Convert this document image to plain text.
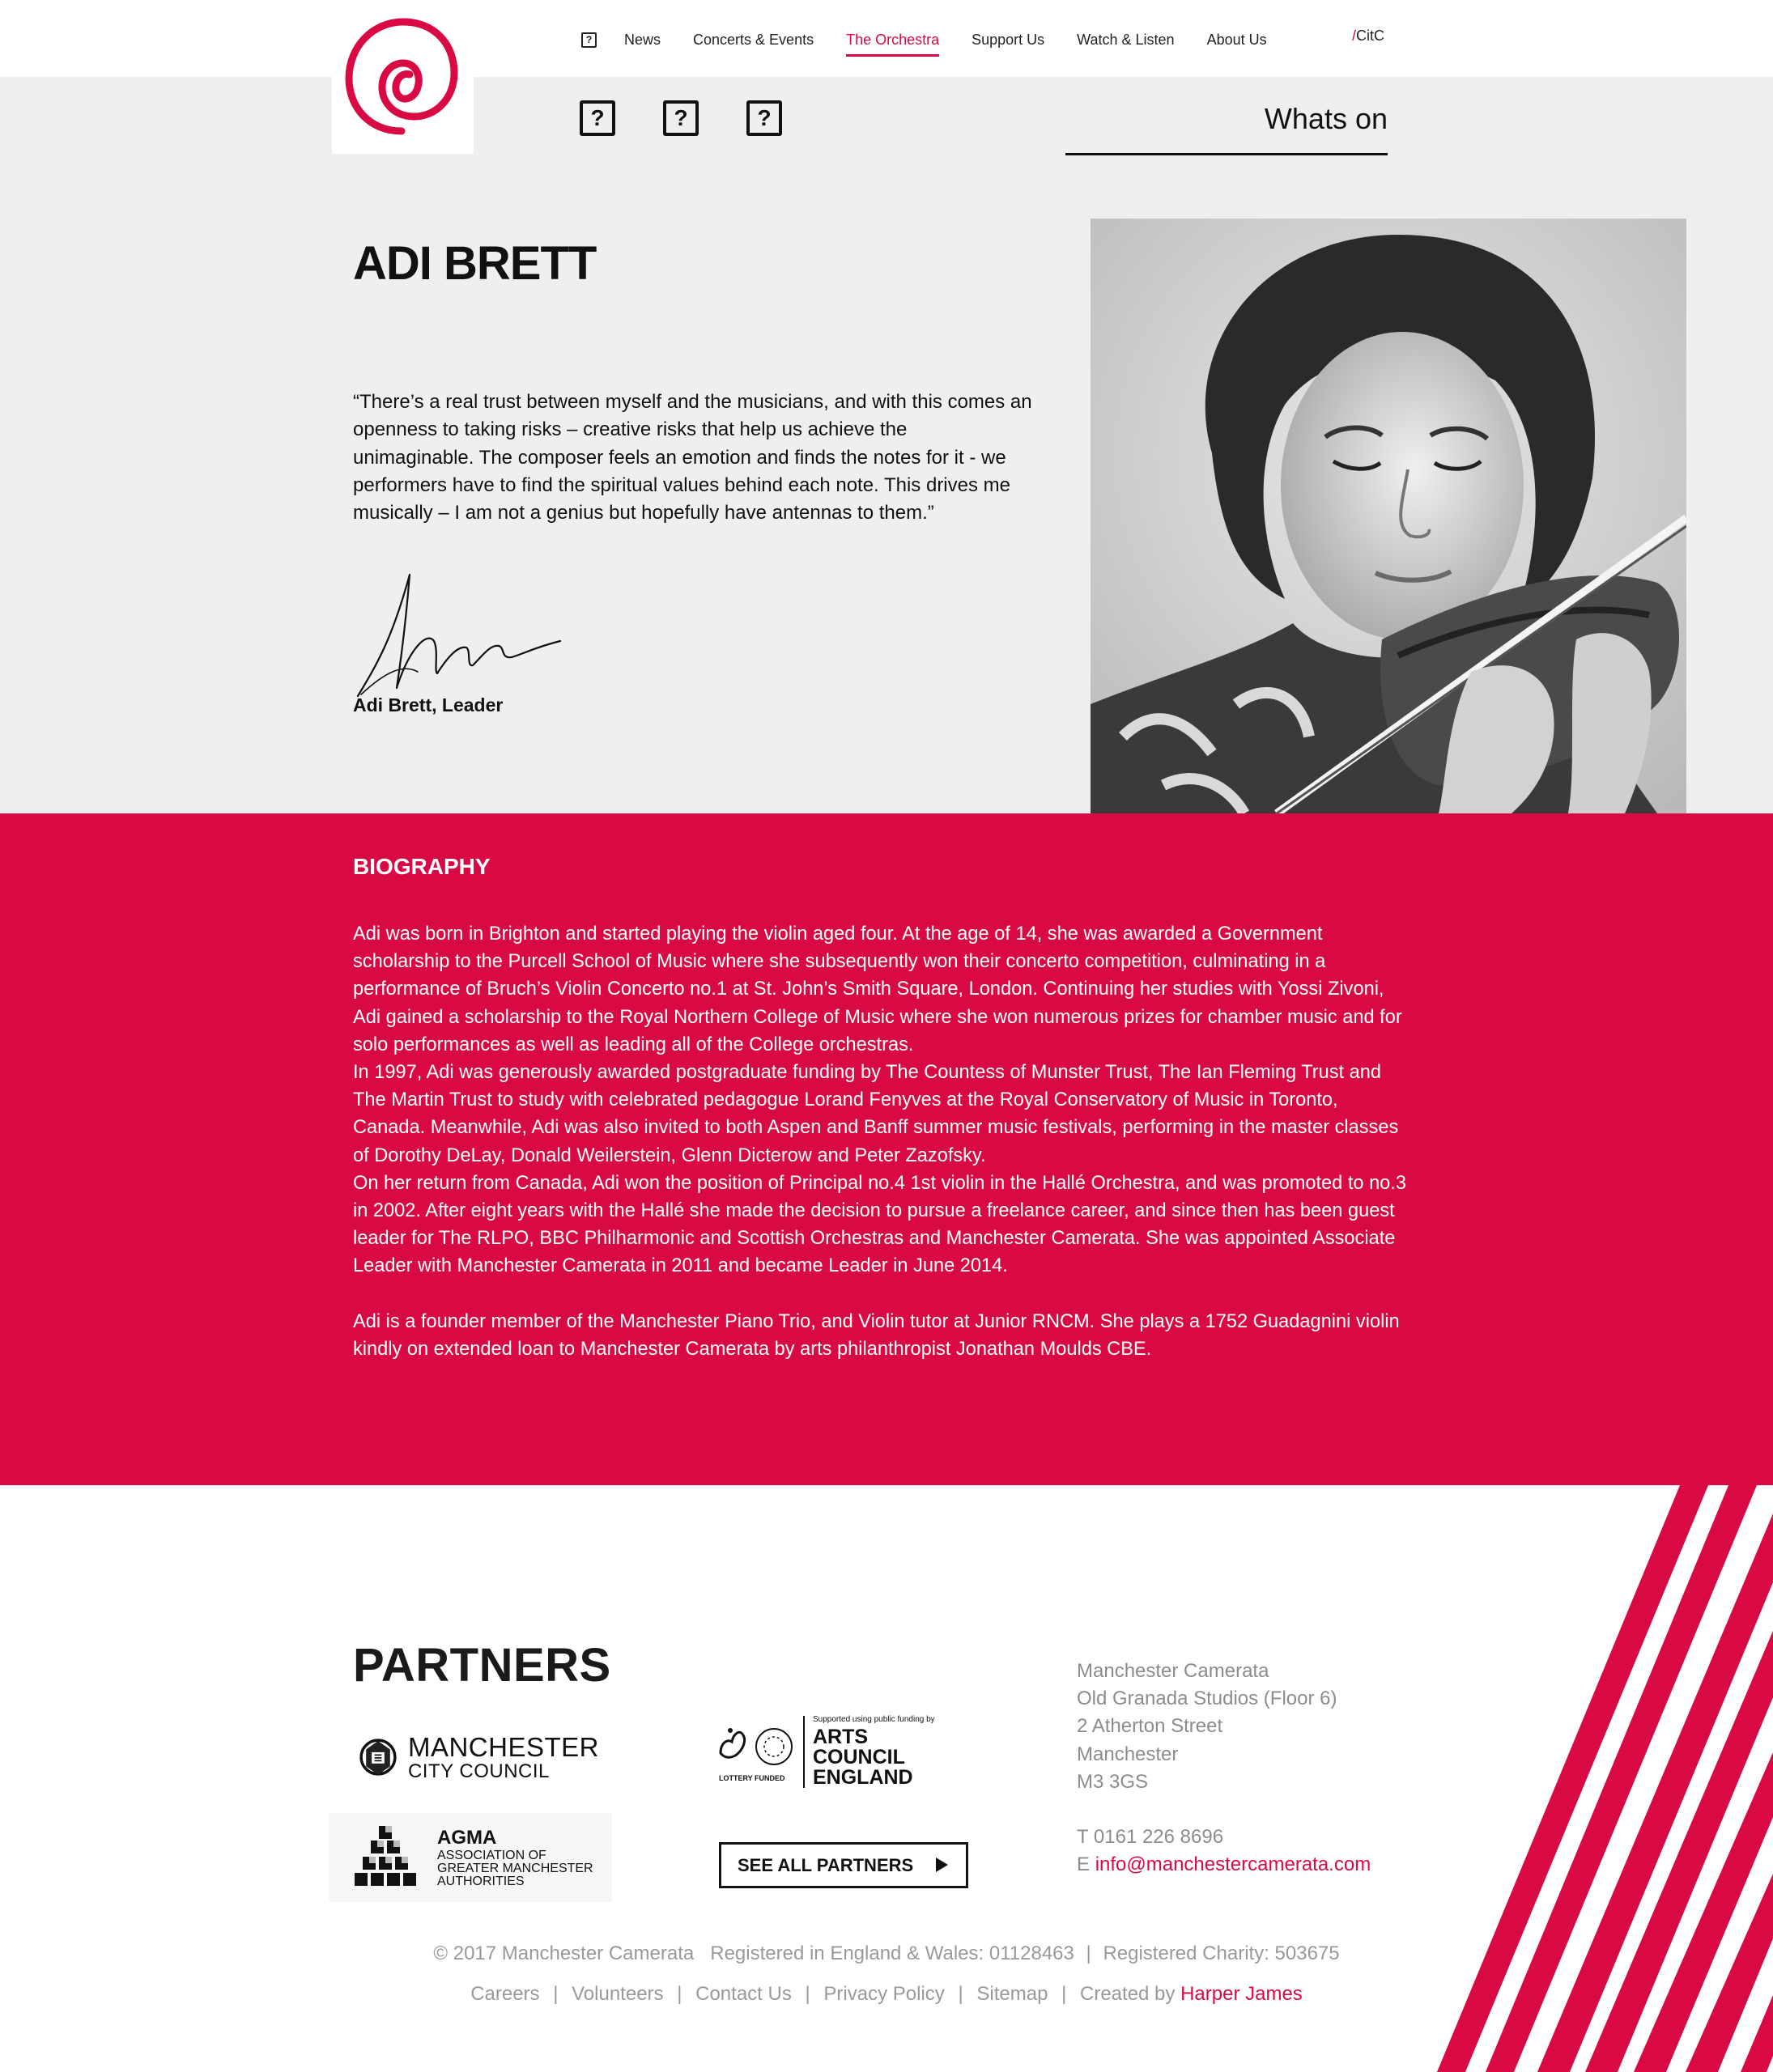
?	News Concerts & Events The Orchestra Support Us Watch & Listen About Us	/CitC
?	?	?	Whats on
ADI BRETT

“There’s a real trust between myself and the musicians, and with this comes an openness to taking risks – creative risks that help us achieve the unimaginable. The composer feels an emotion and finds the notes for it - we performers have to find the spiritual values behind each note. This drives me musically – I am not a genius but hopefully have antennas to them.”

Adi Brett, Leader
BIOGRAPHY

Adi was born in Brighton and started playing the violin aged four. At the age of 14, she was awarded a Government scholarship to the Purcell School of Music where she subsequently won their concerto competition, culminating in a performance of Bruch’s Violin Concerto no.1 at St. John’s Smith Square, London. Continuing her studies with Yossi Zivoni, Adi gained a scholarship to the Royal Northern College of Music where she won numerous prizes for chamber music and for solo performances as well as leading all of the College orchestras.

In 1997, Adi was generously awarded postgraduate funding by The Countess of Munster Trust, The Ian Fleming Trust and The Martin Trust to study with celebrated pedagogue Lorand Fenyves at the Royal Conservatory of Music in Toronto, Canada. Meanwhile, Adi was also invited to both Aspen and Banff summer music festivals, performing in the master classes of Dorothy DeLay, Donald Weilerstein, Glenn Dicterow and Peter Zazofsky.

On her return from Canada, Adi won the position of Principal no.4 1st violin in the Hallé Orchestra, and was promoted to no.3 in 2002. After eight years with the Hallé she made the decision to pursue a freelance career, and since then has been guest leader for The RLPO, BBC Philharmonic and Scottish Orchestras and Manchester Camerata. She was appointed Associate Leader with Manchester Camerata in 2011 and became Leader in June 2014.

Adi is a founder member of the Manchester Piano Trio, and Violin tutor at Junior RNCM. She plays a 1752 Guadagnini violin kindly on extended loan to Manchester Camerata by arts philanthropist Jonathan Moulds CBE.

PARTNERS
MANCHESTER
CITY COUNCIL	LOTTERY FUNDED
Supported using public funding by
ARTS COUNCIL
ENGLAND
AGMA
ASSOCIATION OF
GREATER MANCHESTER
AUTHORITIES
SEE ALL PARTNERS
Manchester Camerata
Old Granada Studios (Floor 6)
2 Atherton Street
Manchester
M3 3GS
T 0161 226 8696
E info@manchestercamerata.com
© 2017 Manchester Camerata Registered in England & Wales: 01128463 | Registered Charity: 503675
Careers | Volunteers | Contact Us | Privacy Policy | Sitemap | Created by Harper James
